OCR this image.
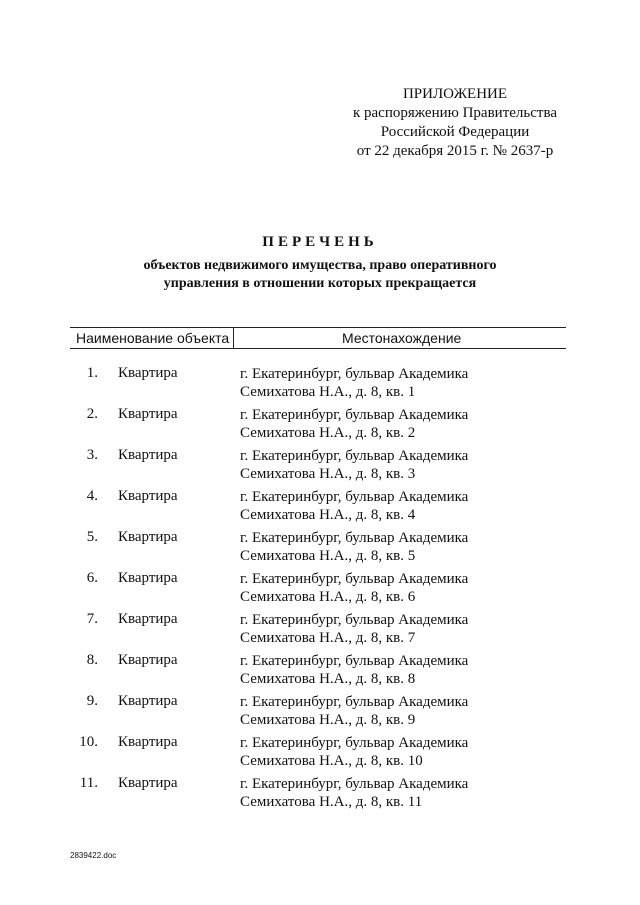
ПРИЛОЖЕНИЕ
к распоряжению Правительства
Российской Федерации
от 22 декабря 2015 г. № 2637-р
ПЕРЕЧЕНЬ
объектов недвижимого имущества, право оперативного
управления в отношении которых прекращается
Наименование объекта	Местонахождение
1. Квартира	г. Екатеринбург, бульвар Академика
Семихатова Н.А., д. 8, кв. 1
2. Квартира	г. Екатеринбург, бульвар Академика
Семихатова Н.А., д. 8, кв. 2
3. Квартира	г. Екатеринбург, бульвар Академика
Семихатова Н.А., д. 8, кв. 3
4. Квартира	г. Екатеринбург, бульвар Академика
Семихатова Н.А., д. 8, кв. 4
5. Квартира	г. Екатеринбург, бульвар Академика
Семихатова Н.А., д. 8, кв. 5
6. Квартира	г. Екатеринбург, бульвар Академика
Семихатова Н.А., д. 8, кв. 6
7. Квартира	г. Екатеринбург, бульвар Академика
Семихатова Н.А., д. 8, кв. 7
8. Квартира	г. Екатеринбург, бульвар Академика
Семихатова Н.А., д. 8, кв. 8
9. Квартира	г. Екатеринбург, бульвар Академика
Семихатова Н.А., д. 8, кв. 9
10. Квартира	г. Екатеринбург, бульвар Академика
Семихатова Н.А., д. 8, кв. 10
11. Квартира	г. Екатеринбург, бульвар Академика
Семихатова Н.А., д. 8, кв. 11
2839422.doc
